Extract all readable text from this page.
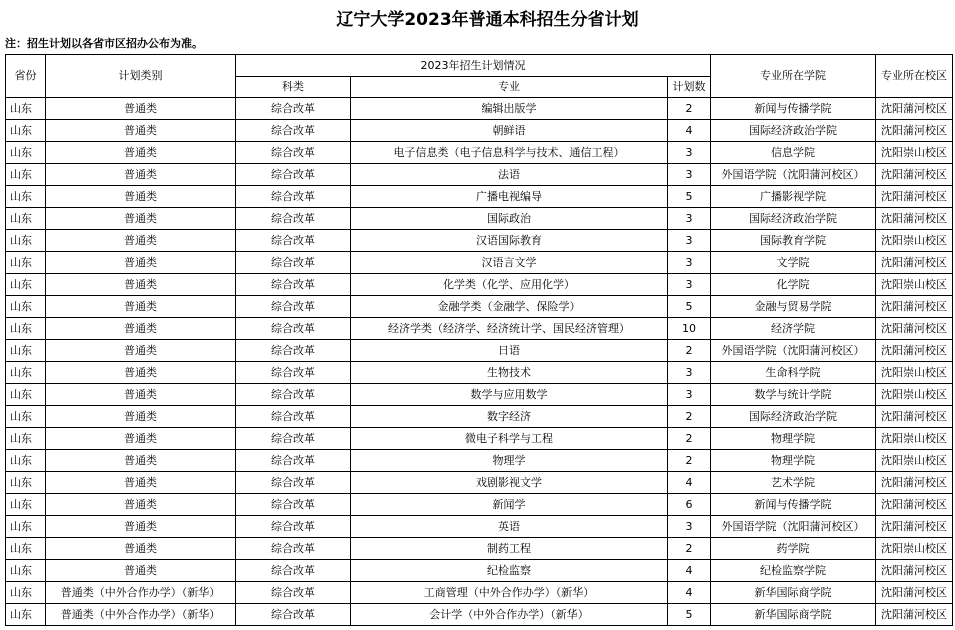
辽宁大学2023年普通本科招生分省计划
注：招生计划以各省市区招办公布为准。
省份	计划类别	2023年招生计划情况			专业所在学院	专业所在校区
		科类	专业	计划数		
山东	普通类	综合改革	编辑出版学	2	新闻与传播学院	沈阳蒲河校区
山东	普通类	综合改革	朝鲜语	4	国际经济政治学院	沈阳蒲河校区
山东	普通类	综合改革	电子信息类（电子信息科学与技术、通信工程）	3	信息学院	沈阳崇山校区
山东	普通类	综合改革	法语	3	外国语学院（沈阳蒲河校区）	沈阳蒲河校区
山东	普通类	综合改革	广播电视编导	5	广播影视学院	沈阳蒲河校区
山东	普通类	综合改革	国际政治	3	国际经济政治学院	沈阳蒲河校区
山东	普通类	综合改革	汉语国际教育	3	国际教育学院	沈阳崇山校区
山东	普通类	综合改革	汉语言文学	3	文学院	沈阳蒲河校区
山东	普通类	综合改革	化学类（化学、应用化学）	3	化学院	沈阳崇山校区
山东	普通类	综合改革	金融学类（金融学、保险学）	5	金融与贸易学院	沈阳蒲河校区
山东	普通类	综合改革	经济学类（经济学、经济统计学、国民经济管理）	10	经济学院	沈阳蒲河校区
山东	普通类	综合改革	日语	2	外国语学院（沈阳蒲河校区）	沈阳蒲河校区
山东	普通类	综合改革	生物技术	3	生命科学院	沈阳崇山校区
山东	普通类	综合改革	数学与应用数学	3	数学与统计学院	沈阳崇山校区
山东	普通类	综合改革	数字经济	2	国际经济政治学院	沈阳蒲河校区
山东	普通类	综合改革	微电子科学与工程	2	物理学院	沈阳崇山校区
山东	普通类	综合改革	物理学	2	物理学院	沈阳崇山校区
山东	普通类	综合改革	戏剧影视文学	4	艺术学院	沈阳蒲河校区
山东	普通类	综合改革	新闻学	6	新闻与传播学院	沈阳蒲河校区
山东	普通类	综合改革	英语	3	外国语学院（沈阳蒲河校区）	沈阳蒲河校区
山东	普通类	综合改革	制药工程	2	药学院	沈阳崇山校区
山东	普通类	综合改革	纪检监察	4	纪检监察学院	沈阳蒲河校区
山东	普通类（中外合作办学）（新华）	综合改革	工商管理（中外合作办学）（新华）	4	新华国际商学院	沈阳蒲河校区
山东	普通类（中外合作办学）（新华）	综合改革	会计学（中外合作办学）（新华）	5	新华国际商学院	沈阳蒲河校区
